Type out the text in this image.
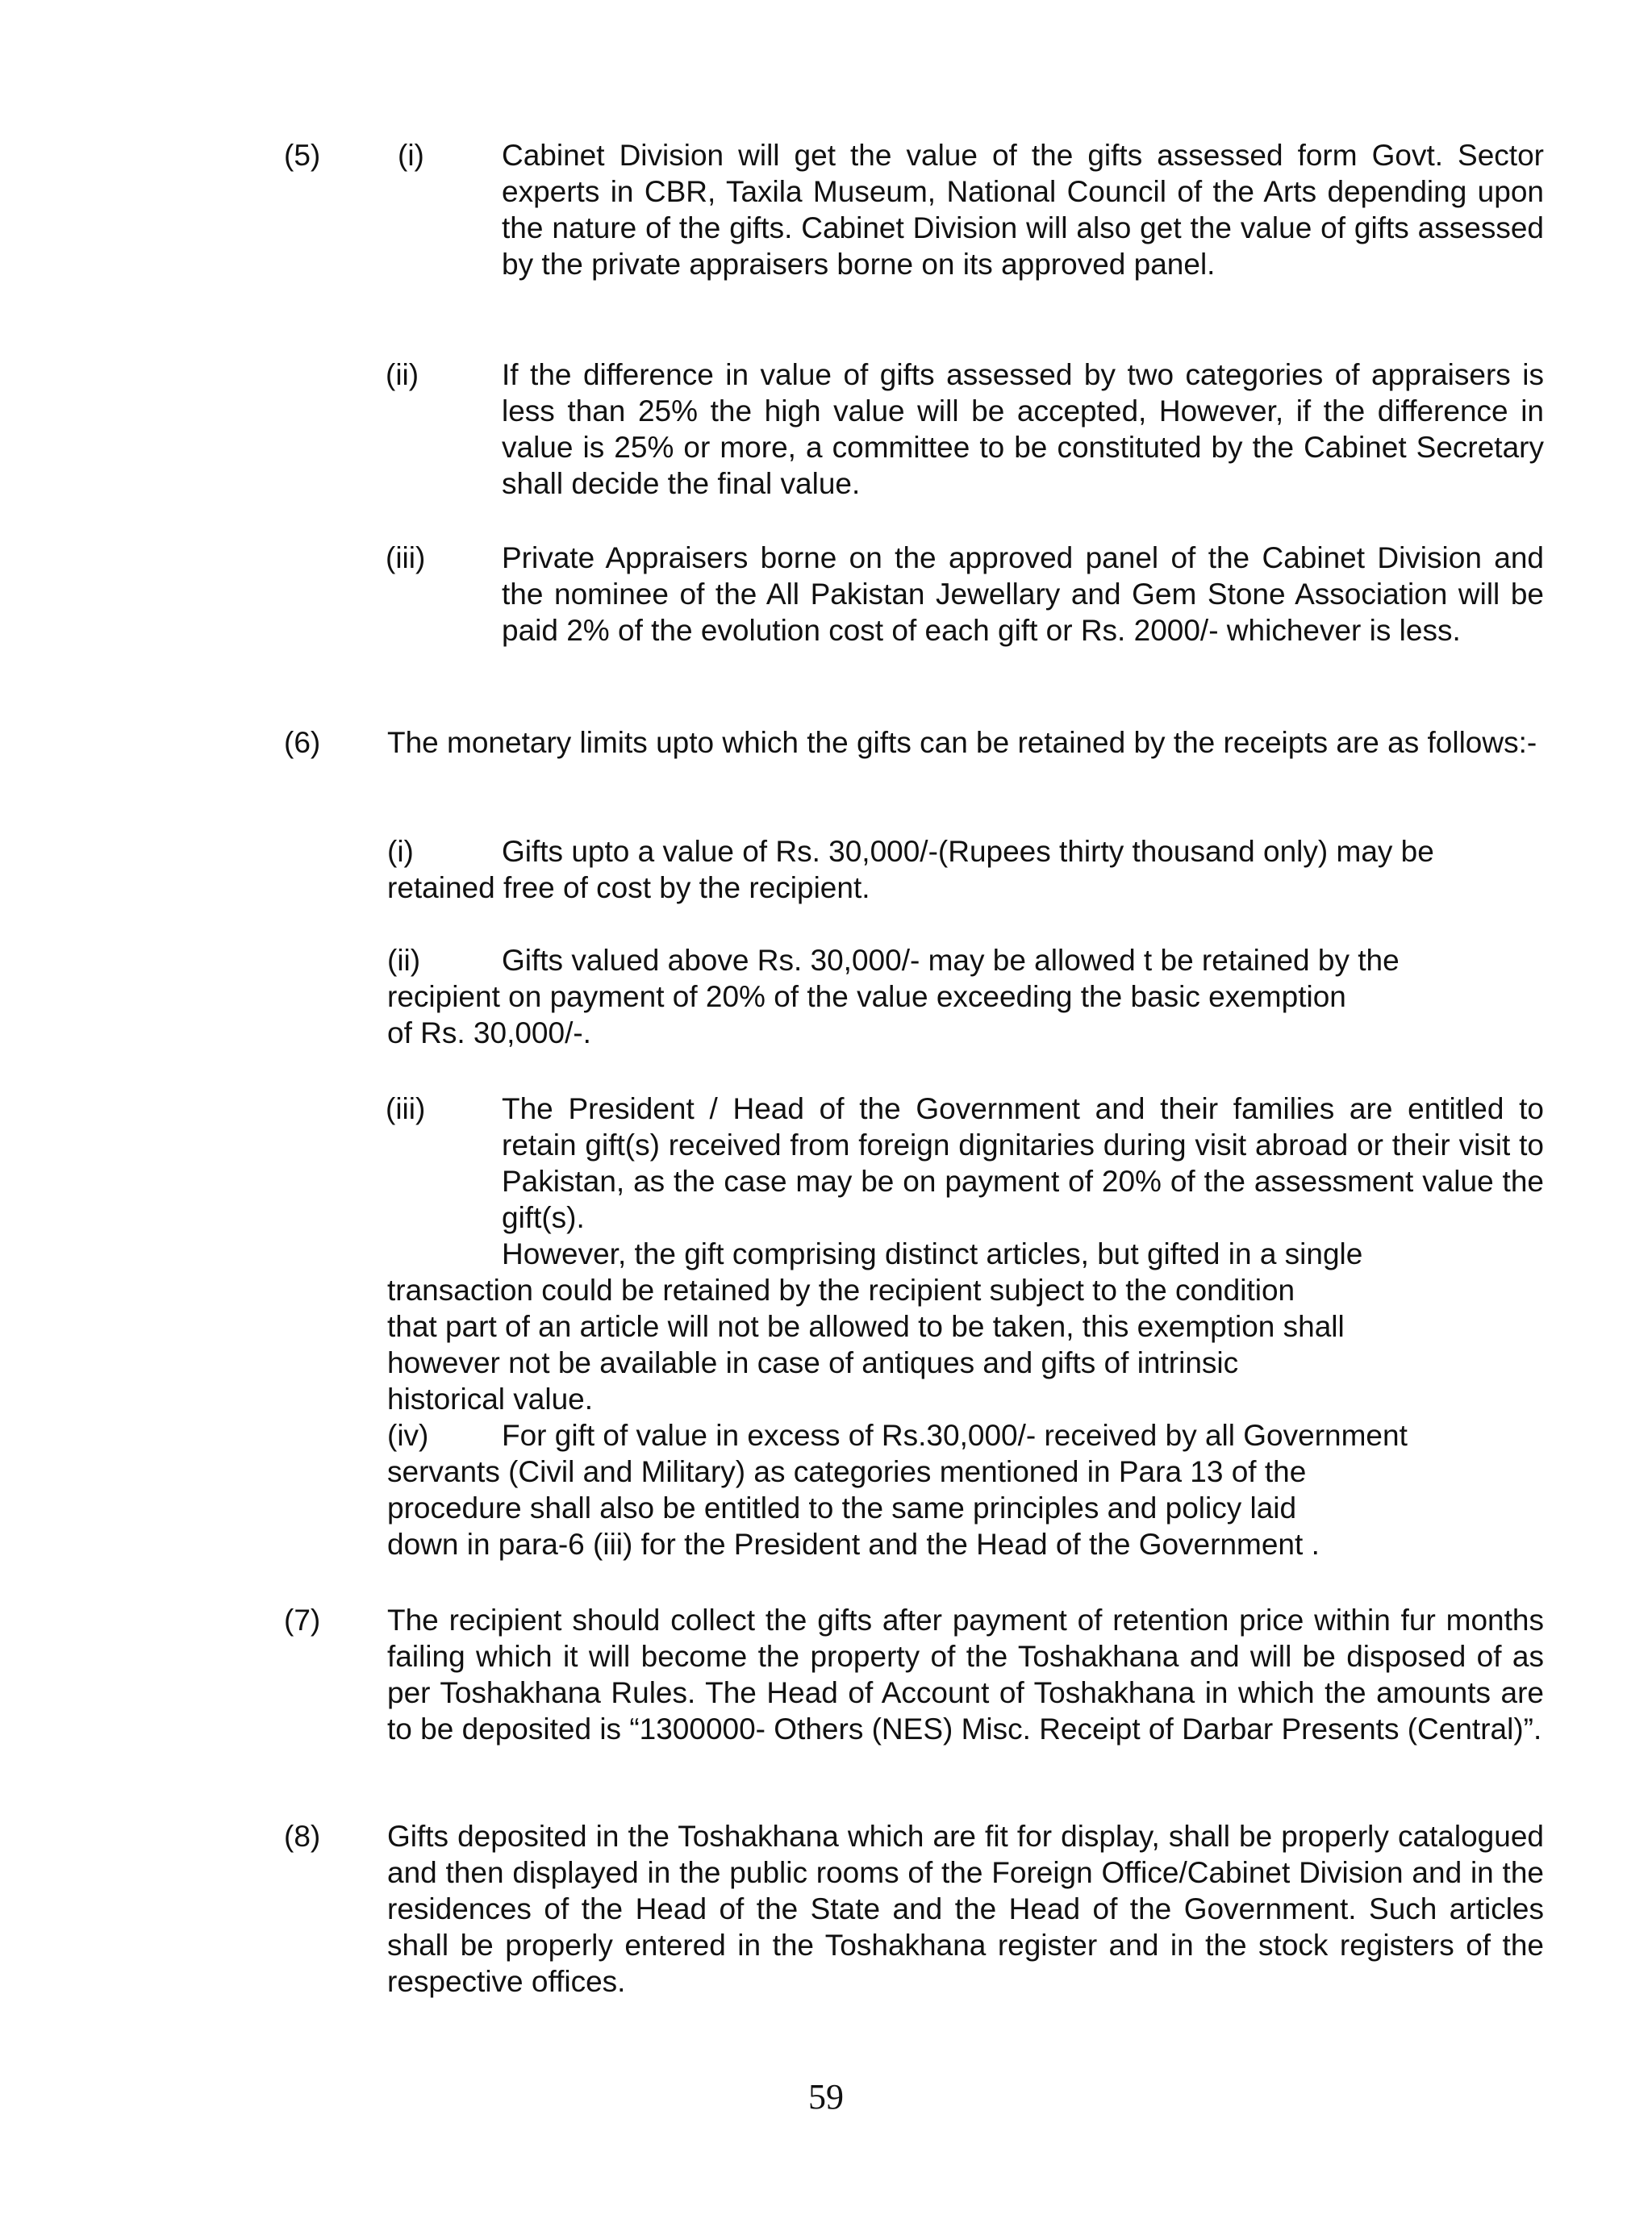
(5)	(i)	Cabinet Division will get the value of the gifts assessed form Govt. Sector experts in CBR, Taxila Museum, National Council of the Arts depending upon the nature of the gifts. Cabinet Division will also get the value of gifts assessed by the private appraisers borne on its approved panel.
(ii)	If the difference in value of gifts assessed by two categories of appraisers is less than 25% the high value will be accepted, However, if the difference in value is 25% or more, a committee to be constituted by the Cabinet Secretary shall decide the final value.
(iii)	Private Appraisers borne on the approved panel of the Cabinet Division and the nominee of the All Pakistan Jewellary and Gem Stone Association will be paid 2% of the evolution cost of each gift or Rs. 2000/- whichever is less.
(6) The monetary limits upto which the gifts can be retained by the receipts are as follows:-
(i)	Gifts upto a value of Rs. 30,000/-(Rupees thirty thousand only) may be
retained free of cost by the recipient.
(ii)	Gifts valued above Rs. 30,000/- may be allowed t be retained by the
recipient on payment of 20% of the value exceeding the basic exemption
of Rs. 30,000/-.
(iii)	The President / Head of the Government and their families are entitled to retain gift(s) received from foreign dignitaries during visit abroad or their visit to Pakistan, as the case may be on payment of 20% of the assessment value the gift(s).
However, the gift comprising distinct articles, but gifted in a single
transaction could be retained by the recipient subject to the condition
that part of an article will not be allowed to be taken, this exemption shall
however not be available in case of antiques and gifts of intrinsic
historical value.
(iv) For gift of value in excess of Rs.30,000/- received by all Government
servants (Civil and Military) as categories mentioned in Para 13 of the
procedure shall also be entitled to the same principles and policy laid
down in para-6 (iii) for the President and the Head of the Government .
(7) The recipient should collect the gifts after payment of retention price within fur months failing which it will become the property of the Toshakhana and will be disposed of as per Toshakhana Rules. The Head of Account of Toshakhana in which the amounts are to be deposited is “1300000- Others (NES) Misc. Receipt of Darbar Presents (Central)”.
(8) Gifts deposited in the Toshakhana which are fit for display, shall be properly catalogued and then displayed in the public rooms of the Foreign Office/Cabinet Division and in the residences of the Head of the State and the Head of the Government. Such articles shall be properly entered in the Toshakhana register and in the stock registers of the respective offices.
59
